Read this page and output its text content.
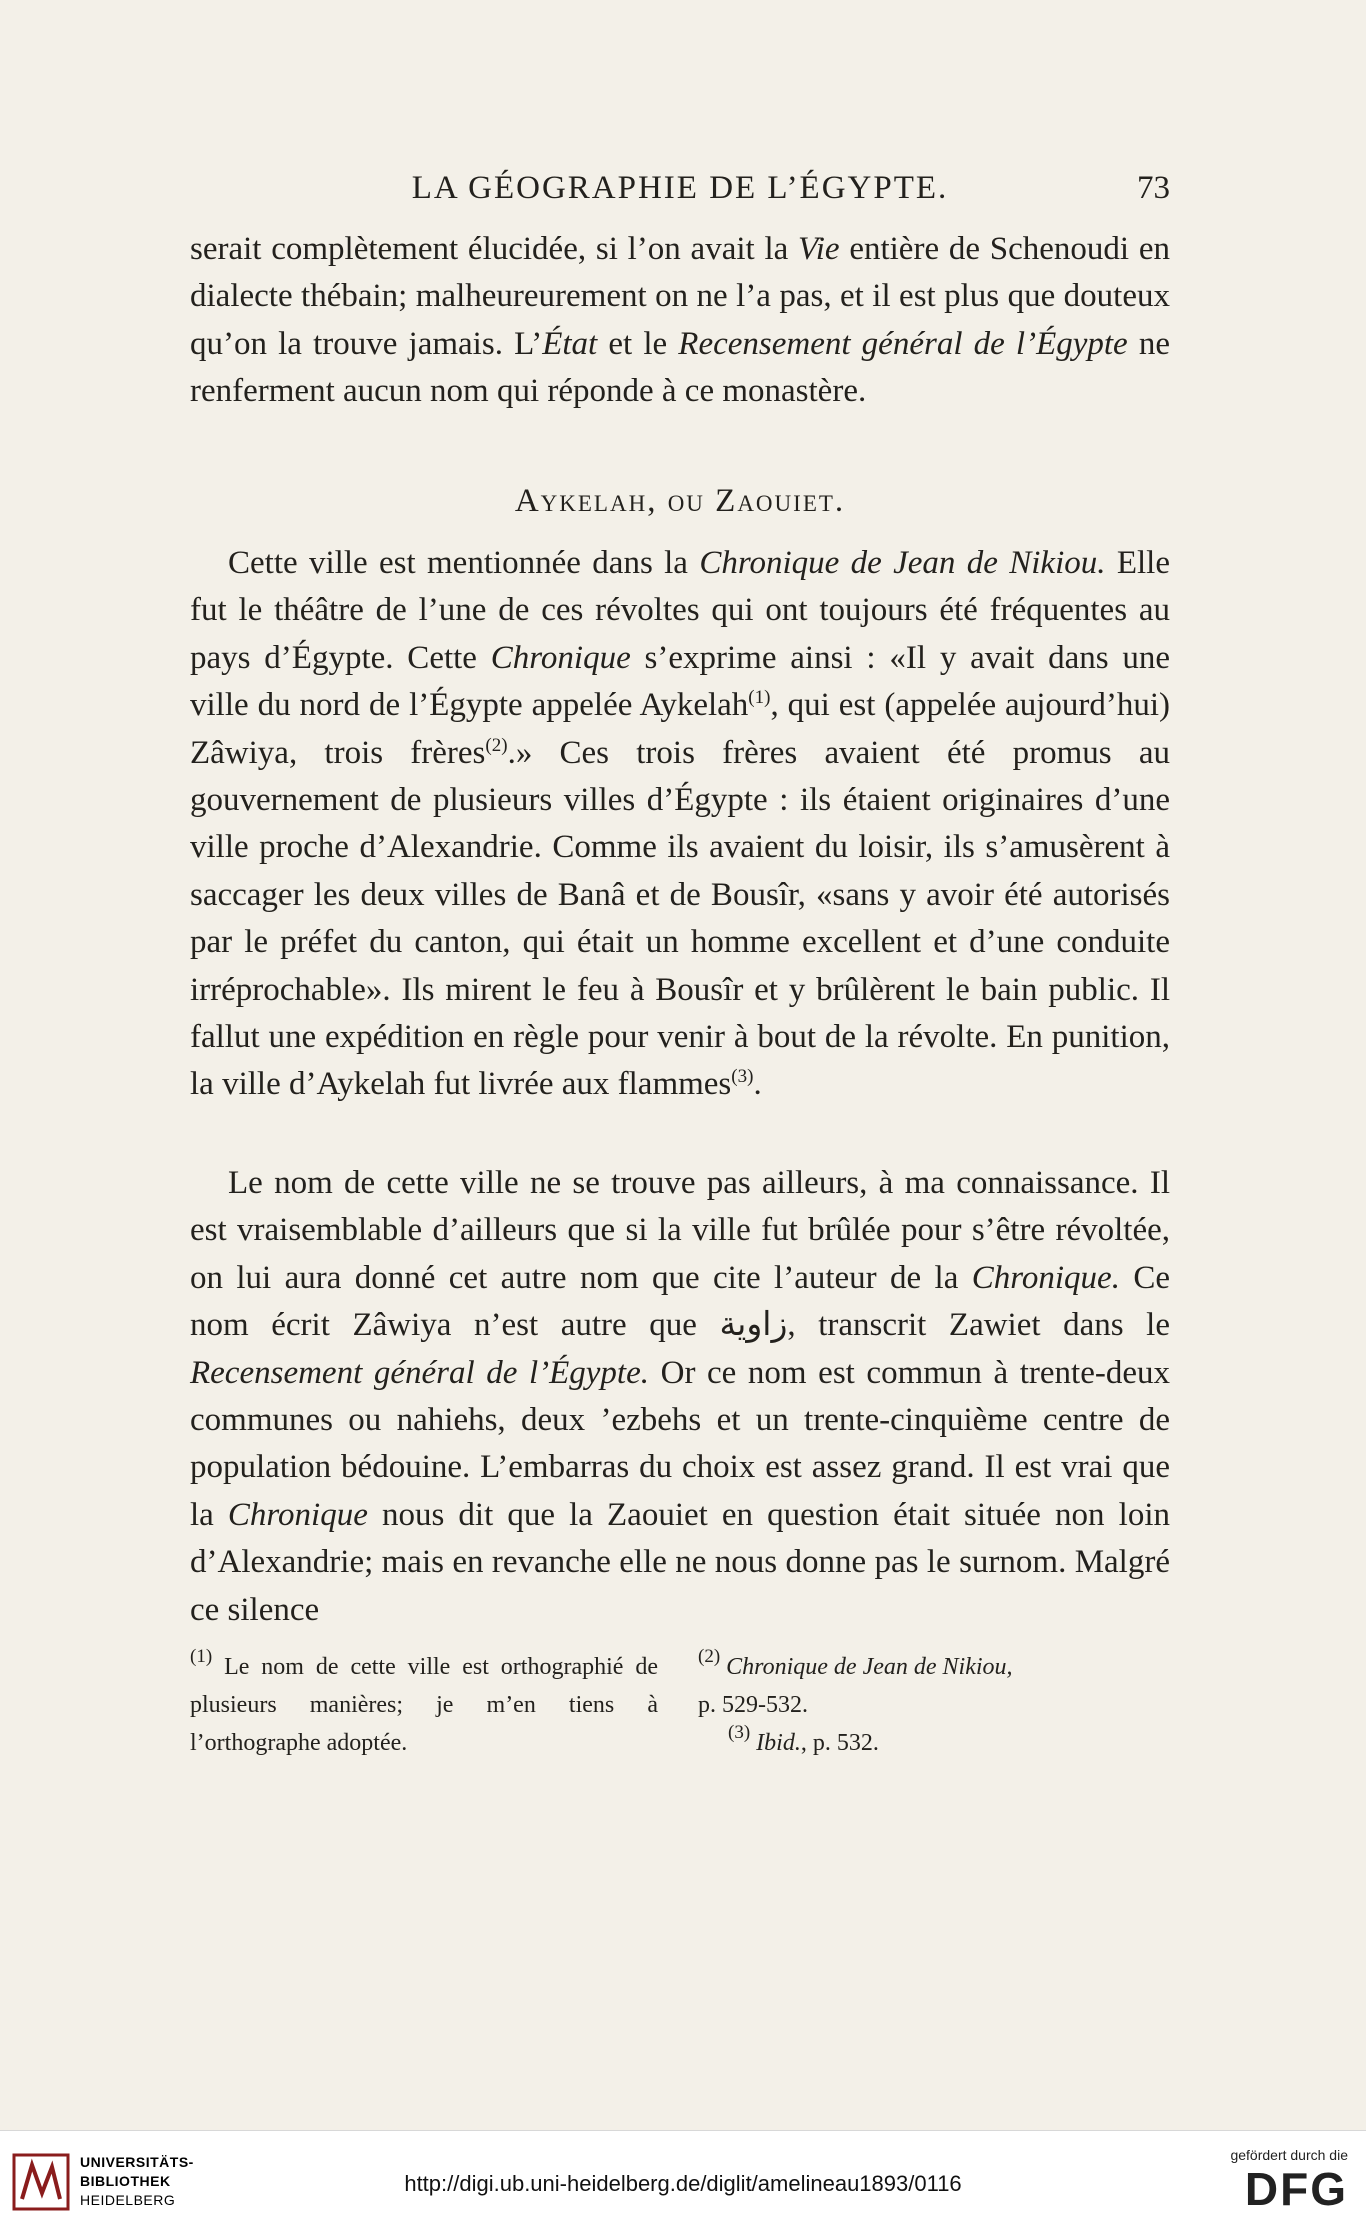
LA GÉOGRAPHIE DE L’ÉGYPTE.	73

serait complètement élucidée, si l’on avait la Vie entière de Schenoudi en dialecte thébain; malheureurement on ne l’a pas, et il est plus que douteux qu’on la trouve jamais. L’État et le Recensement général de l’Égypte ne renferment aucun nom qui réponde à ce monastère.

Aykelah, ou Zaouiet.

Cette ville est mentionnée dans la Chronique de Jean de Nikiou. Elle fut le théâtre de l’une de ces révoltes qui ont toujours été fréquentes au pays d’Égypte. Cette Chronique s’exprime ainsi : «Il y avait dans une ville du nord de l’Égypte appelée Aykelah$^{(1)}$, qui est (appelée aujourd’hui) Zâwiya, trois frères$^{(2)}$.» Ces trois frères avaient été promus au gouvernement de plusieurs villes d’Égypte : ils étaient originaires d’une ville proche d’Alexandrie. Comme ils avaient du loisir, ils s’amusèrent à saccager les deux villes de Banâ et de Bousîr, «sans y avoir été autorisés par le préfet du canton, qui était un homme excellent et d’une conduite irréprochable». Ils mirent le feu à Bousîr et y brûlèrent le bain public. Il fallut une expédition en règle pour venir à bout de la révolte. En punition, la ville d’Aykelah fut livrée aux flammes$^{(3)}$.

Le nom de cette ville ne se trouve pas ailleurs, à ma connaissance. Il est vraisemblable d’ailleurs que si la ville fut brûlée pour s’être révoltée, on lui aura donné cet autre nom que cite l’auteur de la Chronique. Ce nom écrit Zâwiya n’est autre que زاوية, transcrit Zawiet dans le Recensement général de l’Égypte. Or ce nom est commun à trente-deux communes ou nahiehs, deux ’ezbehs et un trente-cinquième centre de population bédouine. L’embarras du choix est assez grand. Il est vrai que la Chronique nous dit que la Zaouiet en question était située non loin d’Alexandrie; mais en revanche elle ne nous donne pas le surnom. Malgré ce silence

$^{(1)}$ Le nom de cette ville est orthographié de plusieurs manières; je m’en tiens à l’orthographe adoptée.

$^{(2)}$ Chronique de Jean de Nikiou,
p. 529-532.

$^{(3)}$ Ibid., p. 532.

UNIVERSITÄTS-
BIBLIOTHEK
HEIDELBERG
http://digi.ub.uni-heidelberg.de/diglit/amelineau1893/0116
gefördert durch die
DFG
